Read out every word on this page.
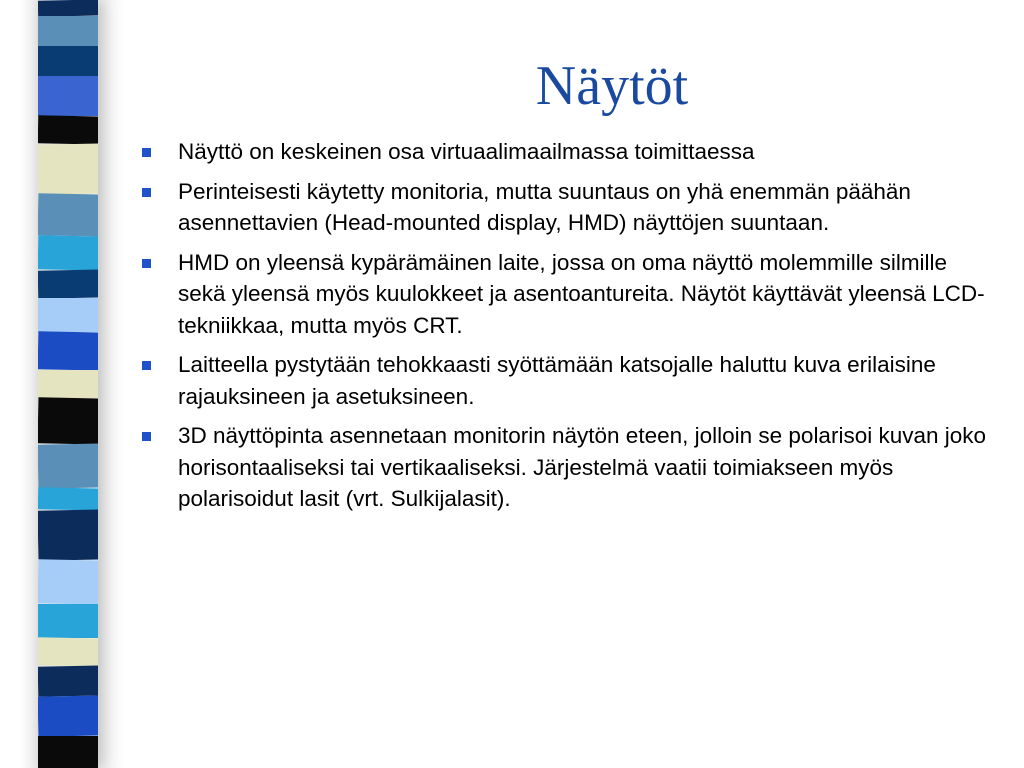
Näytöt
Näyttö on keskeinen osa virtuaalimaailmassa toimittaessa
Perinteisesti käytetty monitoria, mutta suuntaus on yhä enemmän päähän asennettavien (Head-mounted display, HMD) näyttöjen suuntaan.
HMD on yleensä kypärämäinen laite, jossa on oma näyttö molemmille silmille sekä yleensä myös kuulokkeet ja asentoantureita. Näytöt käyttävät yleensä LCD-tekniikkaa, mutta myös CRT.
Laitteella pystytään tehokkaasti syöttämään katsojalle haluttu kuva erilaisine rajauksineen ja asetuksineen.
3D näyttöpinta asennetaan monitorin näytön eteen, jolloin se polarisoi kuvan joko horisontaaliseksi tai vertikaaliseksi. Järjestelmä vaatii toimiakseen myös polarisoidut lasit (vrt. Sulkijalasit).
